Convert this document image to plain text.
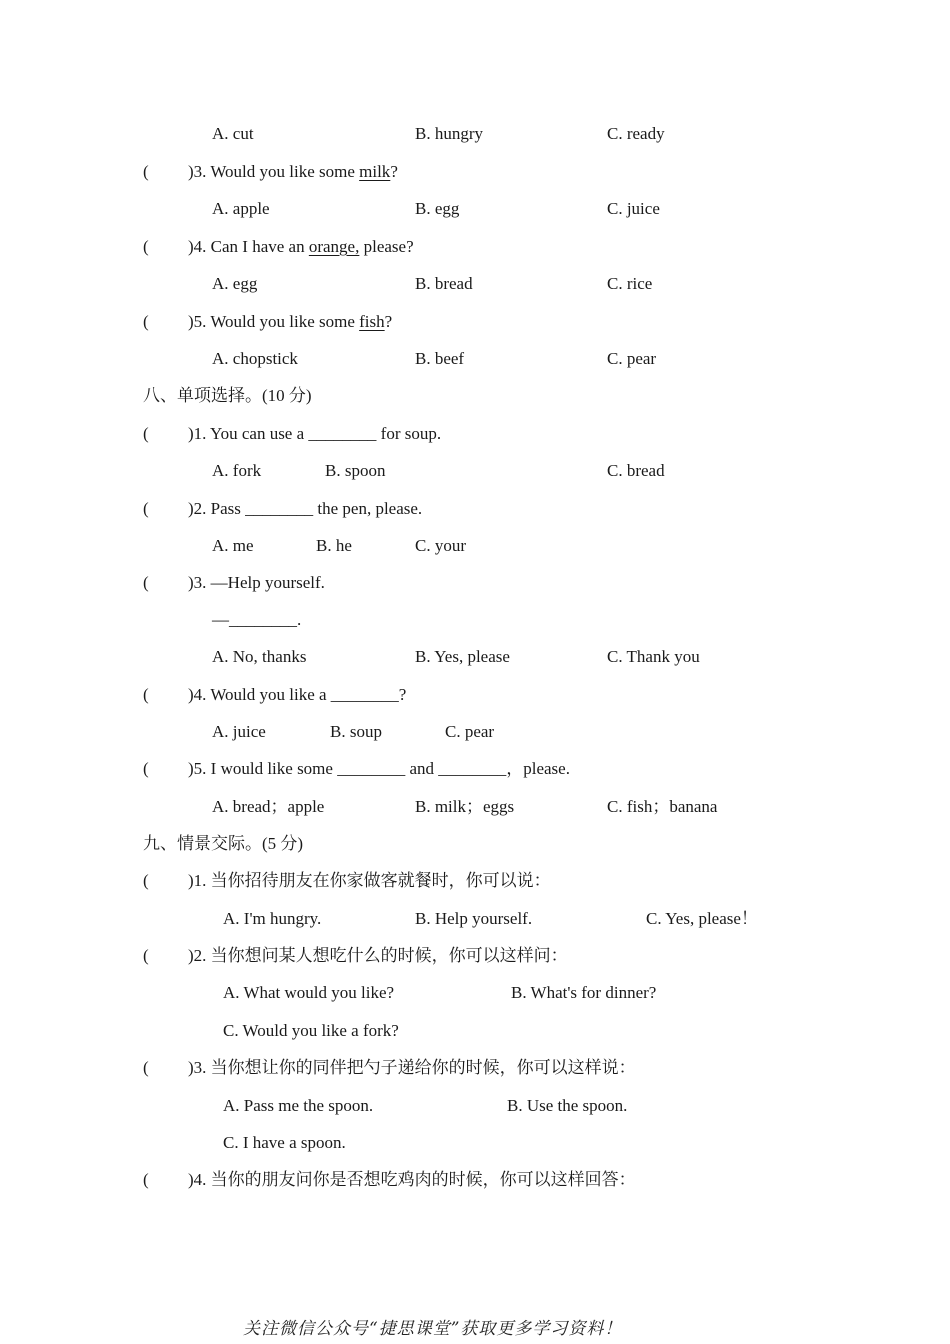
A. cut	B. hungry	C. ready
( )3. Would you like some milk?
A. apple	B. egg	C. juice
( )4. Can I have an orange, please?
A. egg	B. bread	C. rice
( )5. Would you like some fish?
A. chopstick	B. beef	C. pear
八、单项选择。(10 分)
( )1. You can use a ________ for soup.
A. fork	B. spoon	C. bread
( )2. Pass ________ the pen, please.
A. me	B. he	C. your
( )3. —Help yourself.
—________.
A. No, thanks	B. Yes, please	C. Thank you
( )4. Would you like a ________?
A. juice	B. soup	C. pear
( )5. I would like some ________ and ________，please.
A. bread；apple	B. milk；eggs	C. fish；banana
九、情景交际。(5 分)
( )1. 当你招待朋友在你家做客就餐时，你可以说：
A. I'm hungry.	B. Help yourself.	C. Yes, please！
( )2. 当你想问某人想吃什么的时候，你可以这样问：
A. What would you like?	B. What's for dinner?
C. Would you like a fork?
( )3. 当你想让你的同伴把勺子递给你的时候，你可以这样说：
A. Pass me the spoon.	B. Use the spoon.
C. I have a spoon.
( )4. 当你的朋友问你是否想吃鸡肉的时候，你可以这样回答：
关注微信公众号“捷思课堂”获取更多学习资料！
